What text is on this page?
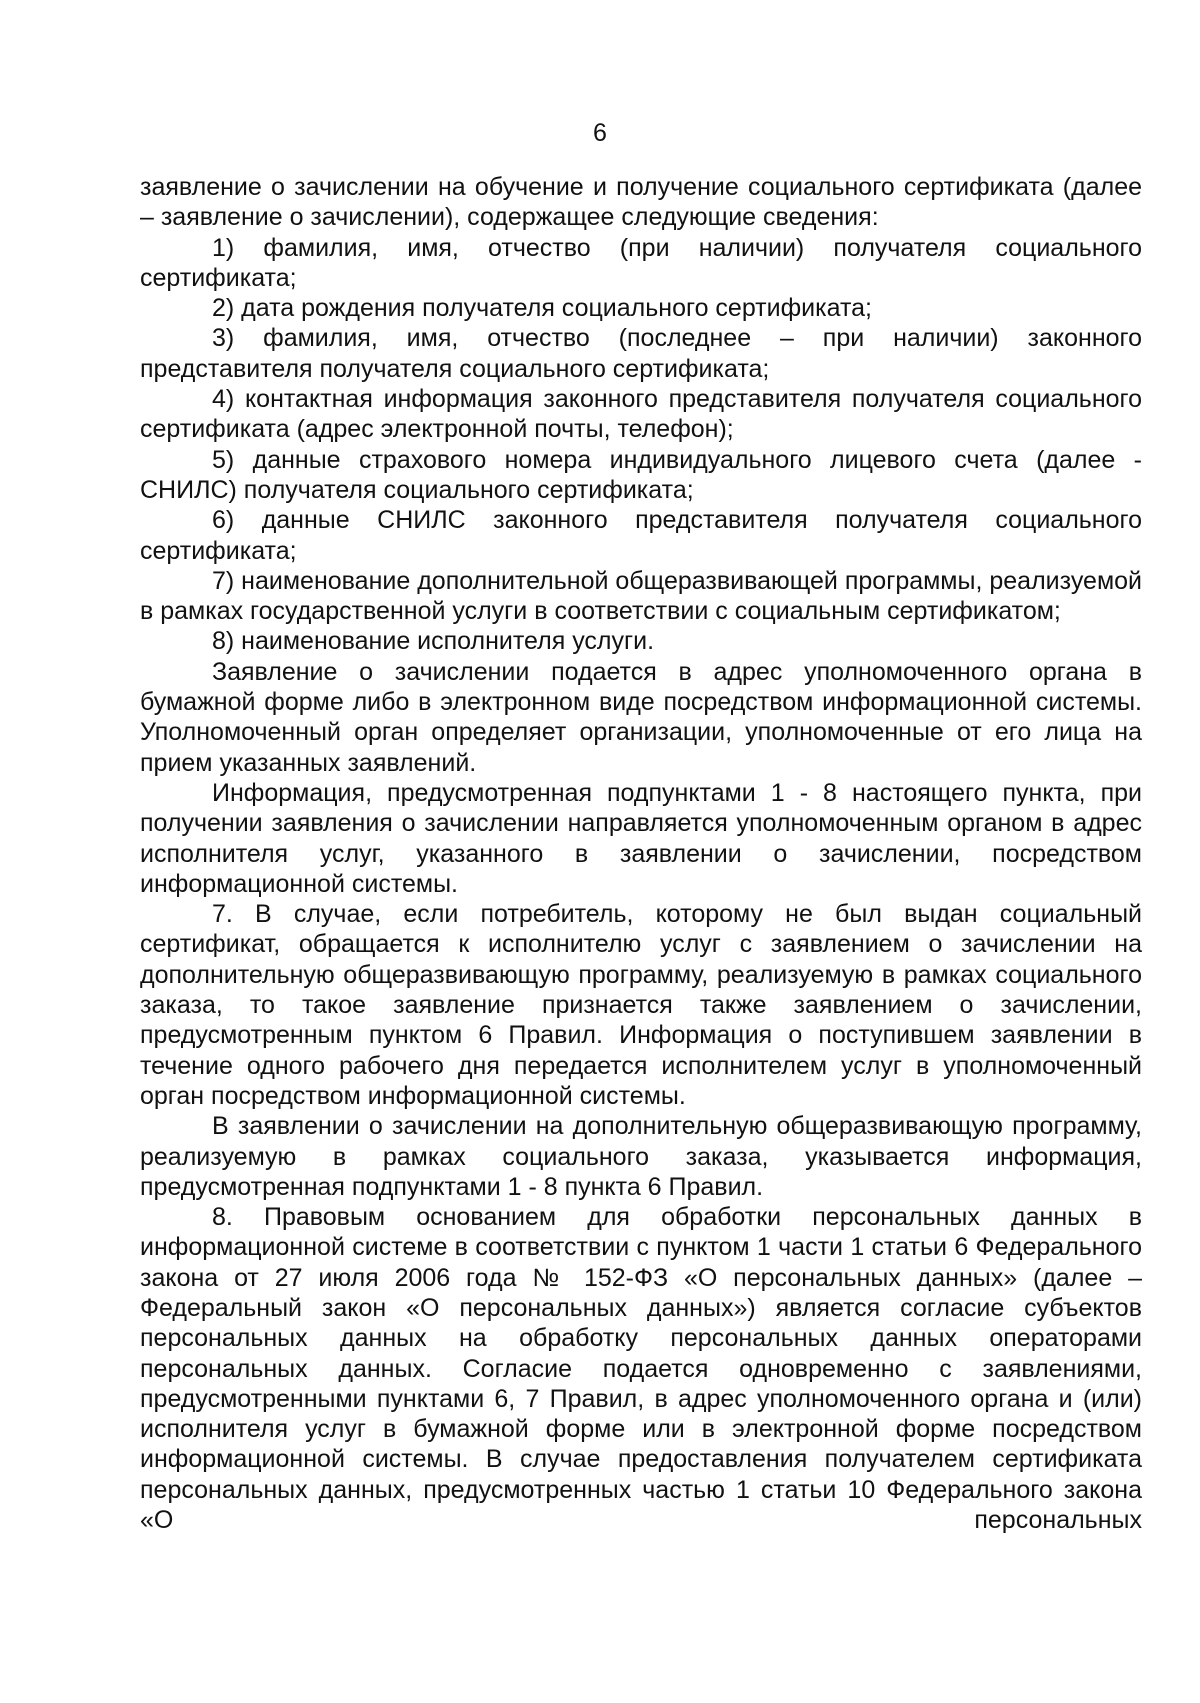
6

заявление о зачислении на обучение и получение социального сертификата (далее – заявление о зачислении), содержащее следующие сведения:

1) фамилия, имя, отчество (при наличии) получателя социального сертификата;

2) дата рождения получателя социального сертификата;

3) фамилия, имя, отчество (последнее – при наличии) законного представителя получателя социального сертификата;

4) контактная информация законного представителя получателя социального сертификата (адрес электронной почты, телефон);

5) данные страхового номера индивидуального лицевого счета (далее - СНИЛС) получателя социального сертификата;

6) данные СНИЛС законного представителя получателя социального сертификата;

7) наименование дополнительной общеразвивающей программы, реализуемой в рамках государственной услуги в соответствии с социальным сертификатом;

8) наименование исполнителя услуги.

Заявление о зачислении подается в адрес уполномоченного органа в бумажной форме либо в электронном виде посредством информационной системы. Уполномоченный орган определяет организации, уполномоченные от его лица на прием указанных заявлений.

Информация, предусмотренная подпунктами 1 - 8 настоящего пункта, при получении заявления о зачислении направляется уполномоченным органом в адрес исполнителя услуг, указанного в заявлении о зачислении, посредством информационной системы.

7. В случае, если потребитель, которому не был выдан социальный сертификат, обращается к исполнителю услуг с заявлением о зачислении на дополнительную общеразвивающую программу, реализуемую в рамках социального заказа, то такое заявление признается также заявлением о зачислении, предусмотренным пунктом 6 Правил. Информация о поступившем заявлении в течение одного рабочего дня передается исполнителем услуг в уполномоченный орган посредством информационной системы.

В заявлении о зачислении на дополнительную общеразвивающую программу, реализуемую в рамках социального заказа, указывается информация, предусмотренная подпунктами 1 - 8 пункта 6 Правил.

8. Правовым основанием для обработки персональных данных в информационной системе в соответствии с пунктом 1 части 1 статьи 6 Федерального закона от 27 июля 2006 года № 152-ФЗ «О персональных данных» (далее – Федеральный закон «О персональных данных») является согласие субъектов персональных данных на обработку персональных данных операторами персональных данных. Согласие подается одновременно с заявлениями, предусмотренными пунктами 6, 7 Правил, в адрес уполномоченного органа и (или) исполнителя услуг в бумажной форме или в электронной форме посредством информационной системы. В случае предоставления получателем сертификата персональных данных, предусмотренных частью 1 статьи 10 Федерального закона «О персональных
